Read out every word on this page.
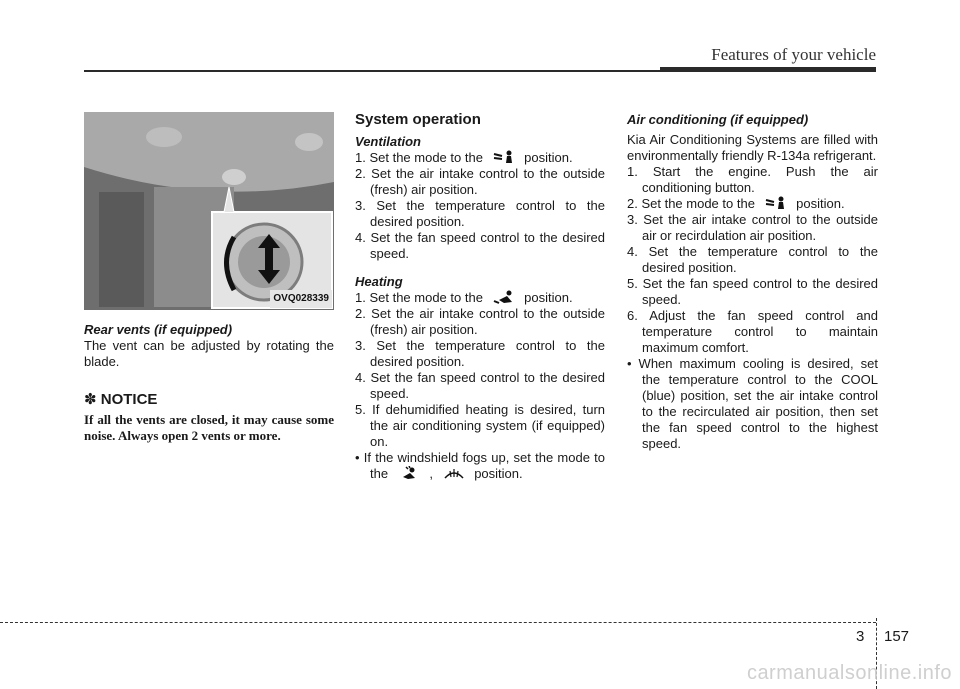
Features of your vehicle
OVQ028339

Rear vents (if equipped)

The vent can be adjusted by rotating the blade.

✽ NOTICE
If all the vents are closed, it may cause some noise. Always open 2 vents or more.
System operation

Ventilation

1. Set the mode to the	position.
2. Set the air intake control to the outside (fresh) air position.
3. Set the temperature control to the desired position.
4. Set the fan speed control to the desired speed.

Heating

1. Set the mode to the	position.
2. Set the air intake control to the outside (fresh) air position.
3. Set the temperature control to the desired position.
4. Set the fan speed control to the desired speed.
5. If dehumidified heating is desired, turn the air conditioning system (if equipped) on.
• If the windshield fogs up, set the mode to the	,	position.

Air conditioning (if equipped)

Kia Air Conditioning Systems are filled with environmentally friendly R-134a refrigerant.

1. Start the engine. Push the air conditioning button.
2. Set the mode to the	position.
3. Set the air intake control to the outside air or recirdulation air position.
4. Set the temperature control to the desired position.
5. Set the fan speed control to the desired speed.
6. Adjust the fan speed control and temperature control to maintain maximum comfort.
• When maximum cooling is desired, set the temperature control to the COOL (blue) position, set the air intake control to the recirculated air position, then set the fan speed control to the highest speed.
3 157
carmanualsonline.info
